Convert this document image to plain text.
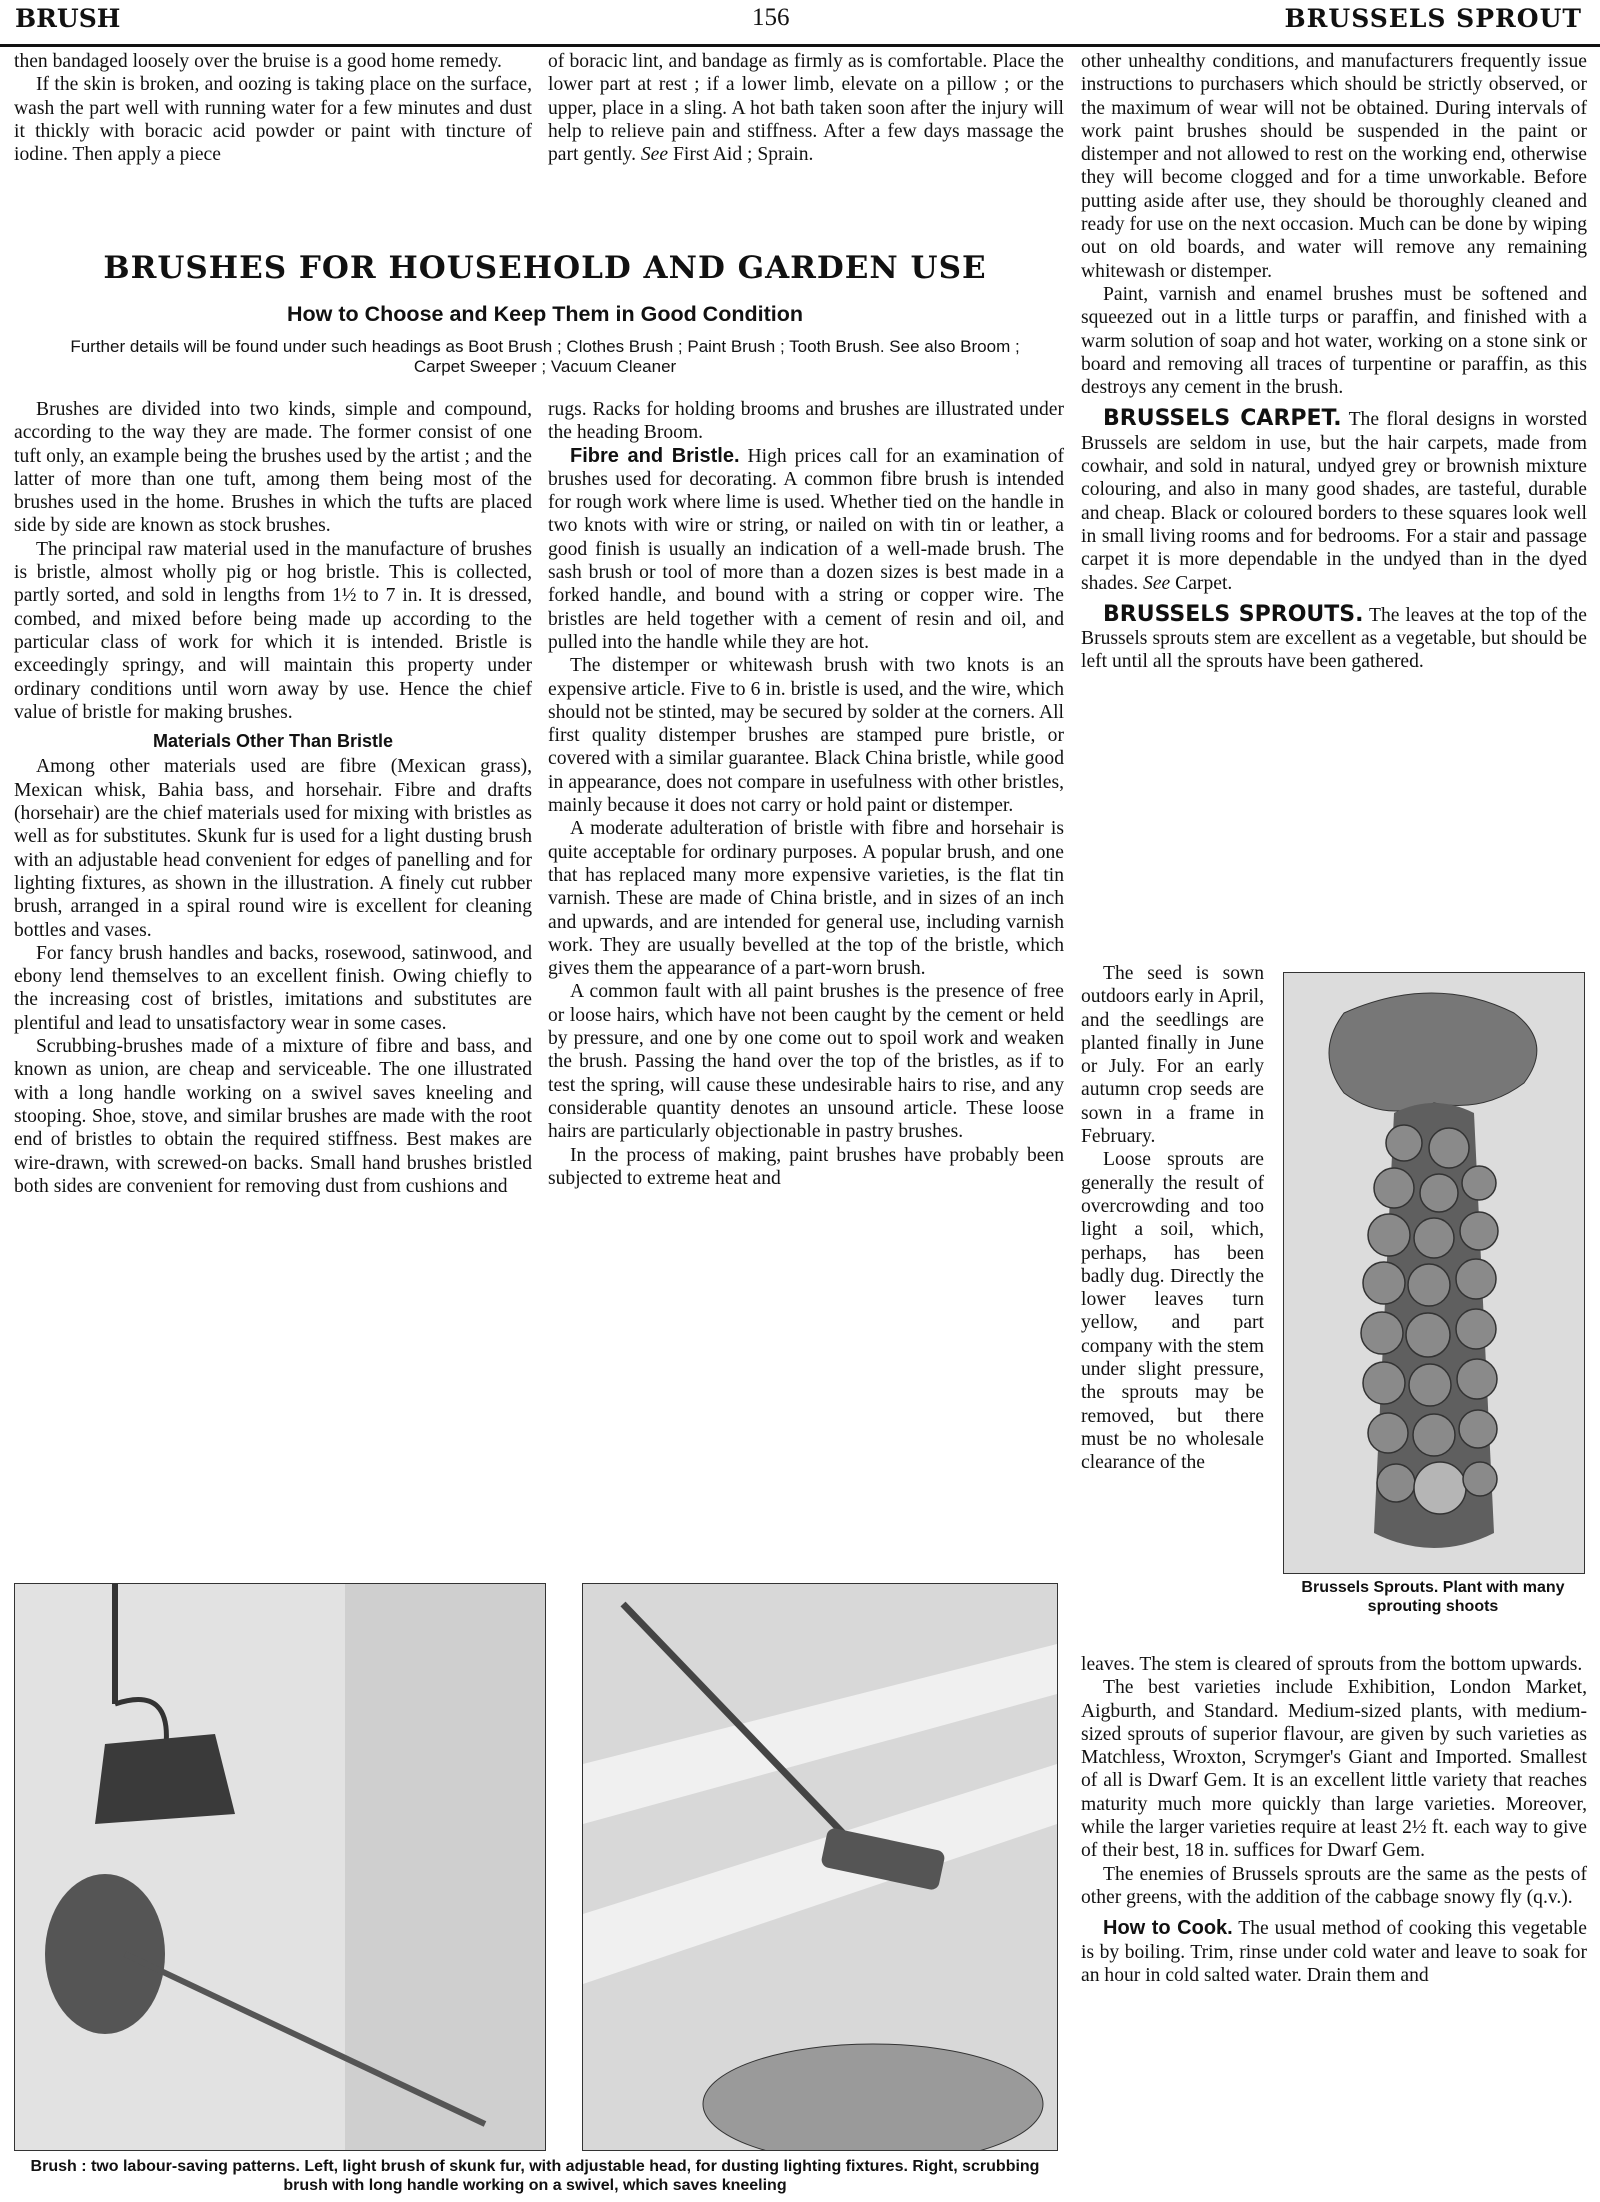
BRUSH	156	BRUSSELS SPROUT

then bandaged loosely over the bruise is a good home remedy.

If the skin is broken, and oozing is taking place on the surface, wash the part well with running water for a few minutes and dust it thickly with boracic acid powder or paint with tincture of iodine. Then apply a piece

of boracic lint, and bandage as firmly as is comfortable. Place the lower part at rest ; if a lower limb, elevate on a pillow ; or the upper, place in a sling. A hot bath taken soon after the injury will help to relieve pain and stiffness. After a few days massage the part gently. See First Aid ; Sprain.

BRUSHES FOR HOUSEHOLD AND GARDEN USE
How to Choose and Keep Them in Good Condition
Further details will be found under such headings as Boot Brush ; Clothes Brush ; Paint Brush ; Tooth Brush. See also Broom ; Carpet Sweeper ; Vacuum Cleaner

Brushes are divided into two kinds, simple and compound, according to the way they are made. The former consist of one tuft only, an example being the brushes used by the artist ; and the latter of more than one tuft, among them being most of the brushes used in the home. Brushes in which the tufts are placed side by side are known as stock brushes.

The principal raw material used in the manufacture of brushes is bristle, almost wholly pig or hog bristle. This is collected, partly sorted, and sold in lengths from 1½ to 7 in. It is dressed, combed, and mixed before being made up according to the particular class of work for which it is intended. Bristle is exceedingly springy, and will maintain this property under ordinary conditions until worn away by use. Hence the chief value of bristle for making brushes.

Materials Other Than Bristle

Among other materials used are fibre (Mexican grass), Mexican whisk, Bahia bass, and horsehair. Fibre and drafts (horsehair) are the chief materials used for mixing with bristles as well as for substitutes. Skunk fur is used for a light dusting brush with an adjustable head convenient for edges of panelling and for lighting fixtures, as shown in the illustration. A finely cut rubber brush, arranged in a spiral round wire is excellent for cleaning bottles and vases.

For fancy brush handles and backs, rosewood, satinwood, and ebony lend themselves to an excellent finish. Owing chiefly to the increasing cost of bristles, imitations and substitutes are plentiful and lead to unsatisfactory wear in some cases.

Scrubbing-brushes made of a mixture of fibre and bass, and known as union, are cheap and serviceable. The one illustrated with a long handle working on a swivel saves kneeling and stooping. Shoe, stove, and similar brushes are made with the root end of bristles to obtain the required stiffness. Best makes are wire-drawn, with screwed-on backs. Small hand brushes bristled both sides are convenient for removing dust from cushions and

rugs. Racks for holding brooms and brushes are illustrated under the heading Broom.

Fibre and Bristle. High prices call for an examination of brushes used for decorating. A common fibre brush is intended for rough work where lime is used. Whether tied on the handle in two knots with wire or string, or nailed on with tin or leather, a good finish is usually an indication of a well-made brush. The sash brush or tool of more than a dozen sizes is best made in a forked handle, and bound with a string or copper wire. The bristles are held together with a cement of resin and oil, and pulled into the handle while they are hot.

The distemper or whitewash brush with two knots is an expensive article. Five to 6 in. bristle is used, and the wire, which should not be stinted, may be secured by solder at the corners. All first quality distemper brushes are stamped pure bristle, or covered with a similar guarantee. Black China bristle, while good in appearance, does not compare in usefulness with other bristles, mainly because it does not carry or hold paint or distemper.

A moderate adulteration of bristle with fibre and horsehair is quite acceptable for ordinary purposes. A popular brush, and one that has replaced many more expensive varieties, is the flat tin varnish. These are made of China bristle, and in sizes of an inch and upwards, and are intended for general use, including varnish work. They are usually bevelled at the top of the bristle, which gives them the appearance of a part-worn brush.

A common fault with all paint brushes is the presence of free or loose hairs, which have not been caught by the cement or held by pressure, and one by one come out to spoil work and weaken the brush. Passing the hand over the top of the bristles, as if to test the spring, will cause these undesirable hairs to rise, and any considerable quantity denotes an unsound article. These loose hairs are particularly objectionable in pastry brushes.

In the process of making, paint brushes have probably been subjected to extreme heat and

other unhealthy conditions, and manufacturers frequently issue instructions to purchasers which should be strictly observed, or the maximum of wear will not be obtained. During intervals of work paint brushes should be suspended in the paint or distemper and not allowed to rest on the working end, otherwise they will become clogged and for a time unworkable. Before putting aside after use, they should be thoroughly cleaned and ready for use on the next occasion. Much can be done by wiping out on old boards, and water will remove any remaining whitewash or distemper.

Paint, varnish and enamel brushes must be softened and squeezed out in a little turps or paraffin, and finished with a warm solution of soap and hot water, working on a stone sink or board and removing all traces of turpentine or paraffin, as this destroys any cement in the brush.

BRUSSELS CARPET. The floral designs in worsted Brussels are seldom in use, but the hair carpets, made from cowhair, and sold in natural, undyed grey or brownish mixture colouring, and also in many good shades, are tasteful, durable and cheap. Black or coloured borders to these squares look well in small living rooms and for bedrooms. For a stair and passage carpet it is more dependable in the undyed than in the dyed shades. See Carpet.

BRUSSELS SPROUTS. The leaves at the top of the Brussels sprouts stem are excellent as a vegetable, but should be left until all the sprouts have been gathered.

The seed is sown outdoors early in April, and the seedlings are planted finally in June or July. For an early autumn crop seeds are sown in a frame in February.

Loose sprouts are generally the result of overcrowding and too light a soil, which, perhaps, has been badly dug. Directly the lower leaves turn yellow, and part company with the stem under slight pressure, the sprouts may be removed, but there must be no wholesale clearance of the

Brussels Sprouts. Plant with many sprouting shoots

leaves. The stem is cleared of sprouts from the bottom upwards.

The best varieties include Exhibition, London Market, Aigburth, and Standard. Medium-sized plants, with medium-sized sprouts of superior flavour, are given by such varieties as Matchless, Wroxton, Scrymger's Giant and Imported. Smallest of all is Dwarf Gem. It is an excellent little variety that reaches maturity much more quickly than large varieties. Moreover, while the larger varieties require at least 2½ ft. each way to give of their best, 18 in. suffices for Dwarf Gem.

The enemies of Brussels sprouts are the same as the pests of other greens, with the addition of the cabbage snowy fly (q.v.).

How to Cook. The usual method of cooking this vegetable is by boiling. Trim, rinse under cold water and leave to soak for an hour in cold salted water. Drain them and

Brush : two labour-saving patterns. Left, light brush of skunk fur, with adjustable head, for dusting lighting fixtures. Right, scrubbing brush with long handle working on a swivel, which saves kneeling
